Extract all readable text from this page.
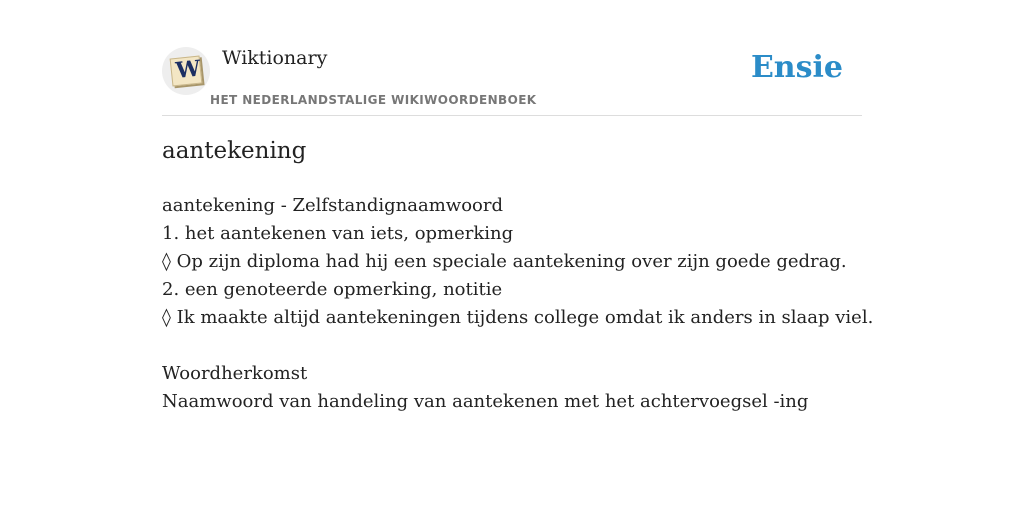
W Wiktionary
HET NEDERLANDSTALIGE WIKIWOORDENBOEK
Ensie
aantekening
aantekening - Zelfstandignaamwoord
1. het aantekenen van iets, opmerking
◊ Op zijn diploma had hij een speciale aantekening over zijn goede gedrag.
2. een genoteerde opmerking, notitie
◊ Ik maakte altijd aantekeningen tijdens college omdat ik anders in slaap viel.
Woordherkomst
Naamwoord van handeling van aantekenen met het achtervoegsel -ing
